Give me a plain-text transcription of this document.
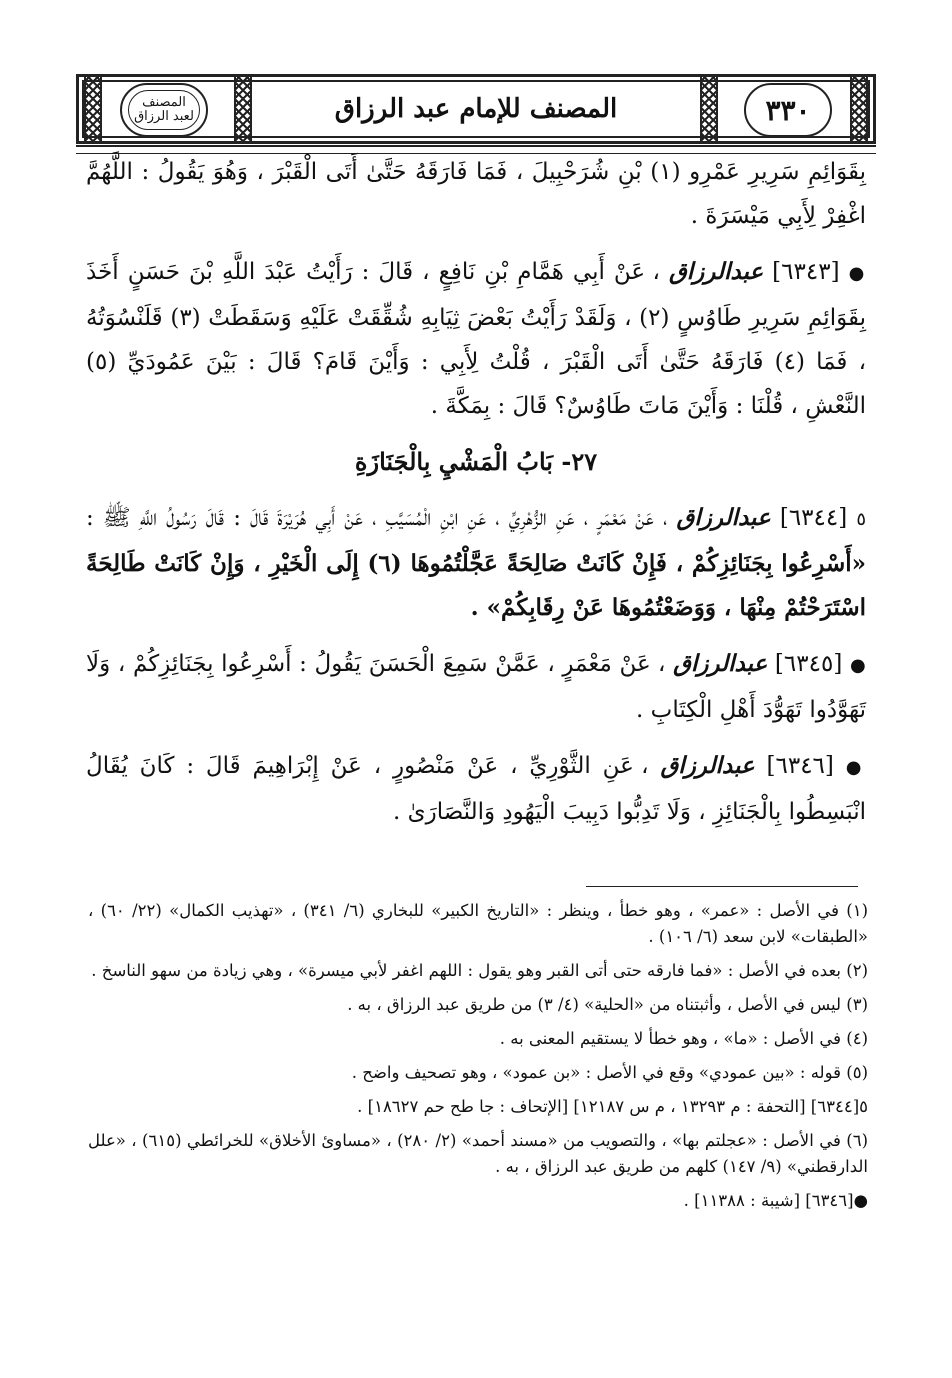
المصنف
لعبد الرزاق	المصنف للإمام عبد الرزاق	٣٣٠

بِقَوَائِمِ سَرِيرِ عَمْرِو (١) بْنِ شُرَحْبِيلَ ، فَمَا فَارَقَهُ حَتَّىٰ أَتَى الْقَبْرَ ، وَهُوَ يَقُولُ : اللَّهُمَّ اغْفِرْ لِأَبِي مَيْسَرَةَ .

● [٦٣٤٣] عبدالرزاق ، عَنْ أَبِي هَمَّامِ بْنِ نَافِعٍ ، قَالَ : رَأَيْتُ عَبْدَ اللَّهِ بْنَ حَسَنٍ أَخَذَ بِقَوَائِمِ سَرِيرِ طَاوُسٍ (٢) ، وَلَقَدْ رَأَيْتُ بَعْضَ ثِيَابِهِ شُقِّقَتْ عَلَيْهِ وَسَقَطَتْ (٣) قَلَنْسُوَتُهُ ، فَمَا (٤) فَارَقَهُ حَتَّىٰ أَتَى الْقَبْرَ ، قُلْتُ لِأَبِي : وَأَيْنَ قَامَ؟ قَالَ : بَيْنَ عَمُودَيِّ (٥) النَّعْشِ ، قُلْنَا : وَأَيْنَ مَاتَ طَاوُسٌ؟ قَالَ : بِمَكَّةَ .

٢٧- بَابُ الْمَشْيِ بِالْجَنَازَةِ

٥ [٦٣٤٤] عبدالرزاق ، عَنْ مَعْمَرٍ ، عَنِ الزُّهْرِيِّ ، عَنِ ابْنِ الْمُسَيَّبِ ، عَنْ أَبِي هُرَيْرَةَ قَالَ : قَالَ رَسُولُ اللَّهِ ﷺ : «أَسْرِعُوا بِجَنَائِزِكُمْ ، فَإِنْ كَانَتْ صَالِحَةً عَجَّلْتُمُوهَا (٦) إِلَى الْخَيْرِ ، وَإِنْ كَانَتْ طَالِحَةً اسْتَرَحْتُمْ مِنْهَا ، وَوَضَعْتُمُوهَا عَنْ رِقَابِكُمْ» .

● [٦٣٤٥] عبدالرزاق ، عَنْ مَعْمَرٍ ، عَمَّنْ سَمِعَ الْحَسَنَ يَقُولُ : أَسْرِعُوا بِجَنَائِزِكُمْ ، وَلَا تَهَوَّدُوا تَهَوُّدَ أَهْلِ الْكِتَابِ .

● [٦٣٤٦] عبدالرزاق ، عَنِ الثَّوْرِيِّ ، عَنْ مَنْصُورٍ ، عَنْ إِبْرَاهِيمَ قَالَ : كَانَ يُقَالُ انْبَسِطُوا بِالْجَنَائِزِ ، وَلَا تَدِبُّوا دَبِيبَ الْيَهُودِ وَالنَّصَارَىٰ .

(١) في الأصل : «عمر» ، وهو خطأ ، وينظر : «التاريخ الكبير» للبخاري (٦/ ٣٤١) ، «تهذيب الكمال» (٢٢/ ٦٠) ، «الطبقات» لابن سعد (٦/ ١٠٦) .

(٢) بعده في الأصل : «فما فارقه حتى أتى القبر وهو يقول : اللهم اغفر لأبي ميسرة» ، وهي زيادة من سهو الناسخ .

(٣) ليس في الأصل ، وأثبتناه من «الحلية» (٤/ ٣) من طريق عبد الرزاق ، به .

(٤) في الأصل : «ما» ، وهو خطأ لا يستقيم المعنى به .

(٥) قوله : «بين عمودي» وقع في الأصل : «بن عمود» ، وهو تصحيف واضح .

٥[٦٣٤٤] [التحفة : م ١٣٢٩٣ ، م س ١٢١٨٧] [الإتحاف : جا طح حم ١٨٦٢٧] .

(٦) في الأصل : «عجلتم بها» ، والتصويب من «مسند أحمد» (٢/ ٢٨٠) ، «مساوئ الأخلاق» للخرائطي (٦١٥) ، «علل الدارقطني» (٩/ ١٤٧) كلهم من طريق عبد الرزاق ، به .

●[٦٣٤٦] [شيبة : ١١٣٨٨] .
